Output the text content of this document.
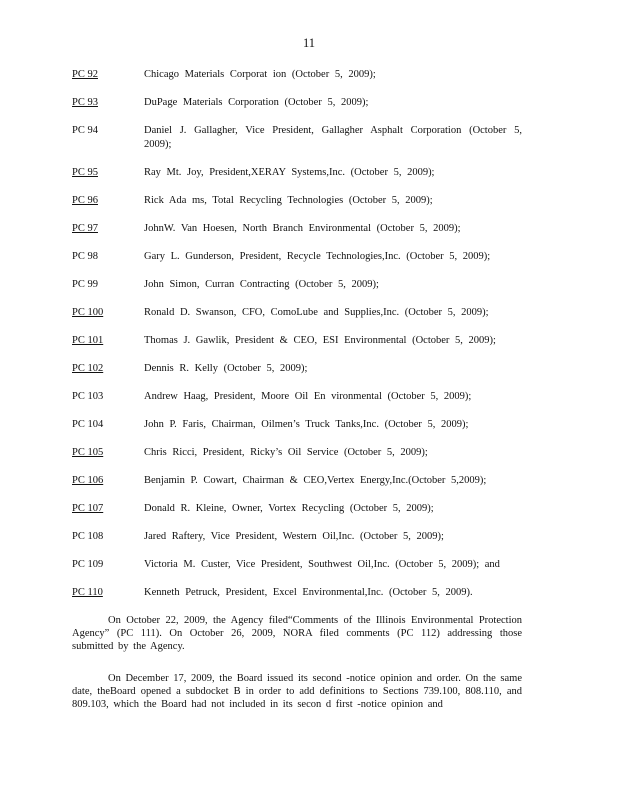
11
PC 92	Chicago Materials Corporat ion (October 5, 2009);
PC 93	DuPage Materials Corporation (October 5, 2009);
PC 94	Daniel J. Gallagher, Vice President, Gallagher Asphalt Corporation (October 5, 2009);
PC 95	Ray Mt. Joy, President,XERAY Systems,Inc. (October 5, 2009);
PC 96	Rick Ada ms, Total Recycling Technologies (October 5, 2009);
PC 97	JohnW. Van Hoesen, North Branch Environmental (October 5, 2009);
PC 98	Gary L. Gunderson, President, Recycle Technologies,Inc. (October 5, 2009);
PC 99	John Simon, Curran Contracting (October 5, 2009);
PC 100	Ronald D. Swanson, CFO, ComoLube and Supplies,Inc. (October 5, 2009);
PC 101	Thomas J. Gawlik, President & CEO, ESI Environmental (October 5, 2009);
PC 102	Dennis R. Kelly (October 5, 2009);
PC 103	Andrew Haag, President, Moore Oil En vironmental (October 5, 2009);
PC 104	John P. Faris, Chairman, Oilmen’s Truck Tanks,Inc. (October 5, 2009);
PC 105	Chris Ricci, President, Ricky’s Oil Service (October 5, 2009);
PC 106	Benjamin P. Cowart, Chairman & CEO,Vertex Energy,Inc.(October 5,2009);
PC 107	Donald R. Kleine, Owner, Vortex Recycling (October 5, 2009);
PC 108	Jared Raftery, Vice President, Western Oil,Inc. (October 5, 2009);
PC 109	Victoria M. Custer, Vice President, Southwest Oil,Inc. (October 5, 2009); and
PC 110	Kenneth Petruck, President, Excel Environmental,Inc. (October 5, 2009).

On October 22, 2009, the Agency filed“Comments of the Illinois Environmental Protection Agency” (PC 111). On October 26, 2009, NORA filed comments (PC 112) addressing those submitted by the Agency.

On December 17, 2009, the Board issued its second -notice opinion and order. On the same date, theBoard opened a subdocket B in order to add definitions to Sections 739.100, 808.110, and 809.103, which the Board had not included in its secon d first -notice opinion and
